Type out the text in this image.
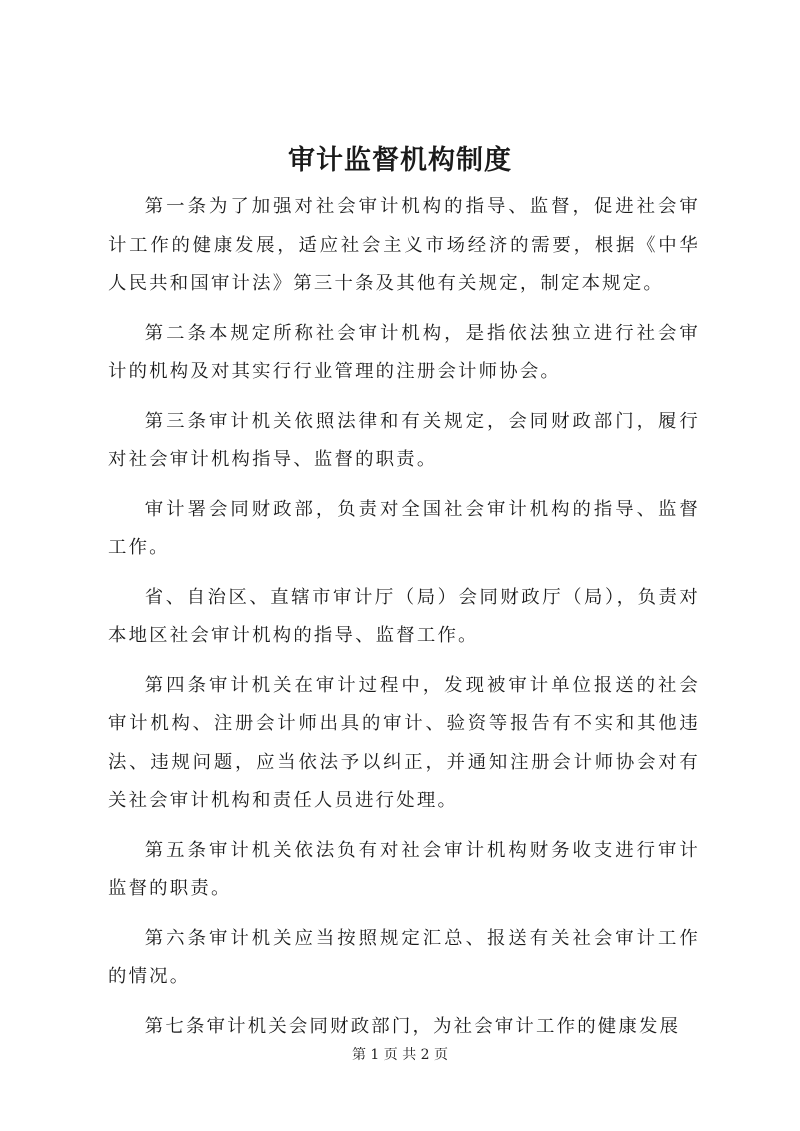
审计监督机构制度

第一条为了加强对社会审计机构的指导、监督，促进社会审计工作的健康发展，适应社会主义市场经济的需要，根据《中华人民共和国审计法》第三十条及其他有关规定，制定本规定。

第二条本规定所称社会审计机构，是指依法独立进行社会审计的机构及对其实行行业管理的注册会计师协会。

第三条审计机关依照法律和有关规定，会同财政部门，履行对社会审计机构指导、监督的职责。

审计署会同财政部，负责对全国社会审计机构的指导、监督工作。

省、自治区、直辖市审计厅（局）会同财政厅（局），负责对本地区社会审计机构的指导、监督工作。

第四条审计机关在审计过程中，发现被审计单位报送的社会审计机构、注册会计师出具的审计、验资等报告有不实和其他违法、违规问题，应当依法予以纠正，并通知注册会计师协会对有关社会审计机构和责任人员进行处理。

第五条审计机关依法负有对社会审计机构财务收支进行审计监督的职责。

第六条审计机关应当按照规定汇总、报送有关社会审计工作的情况。

第七条审计机关会同财政部门，为社会审计工作的健康发展

第 1 页 共 2 页
